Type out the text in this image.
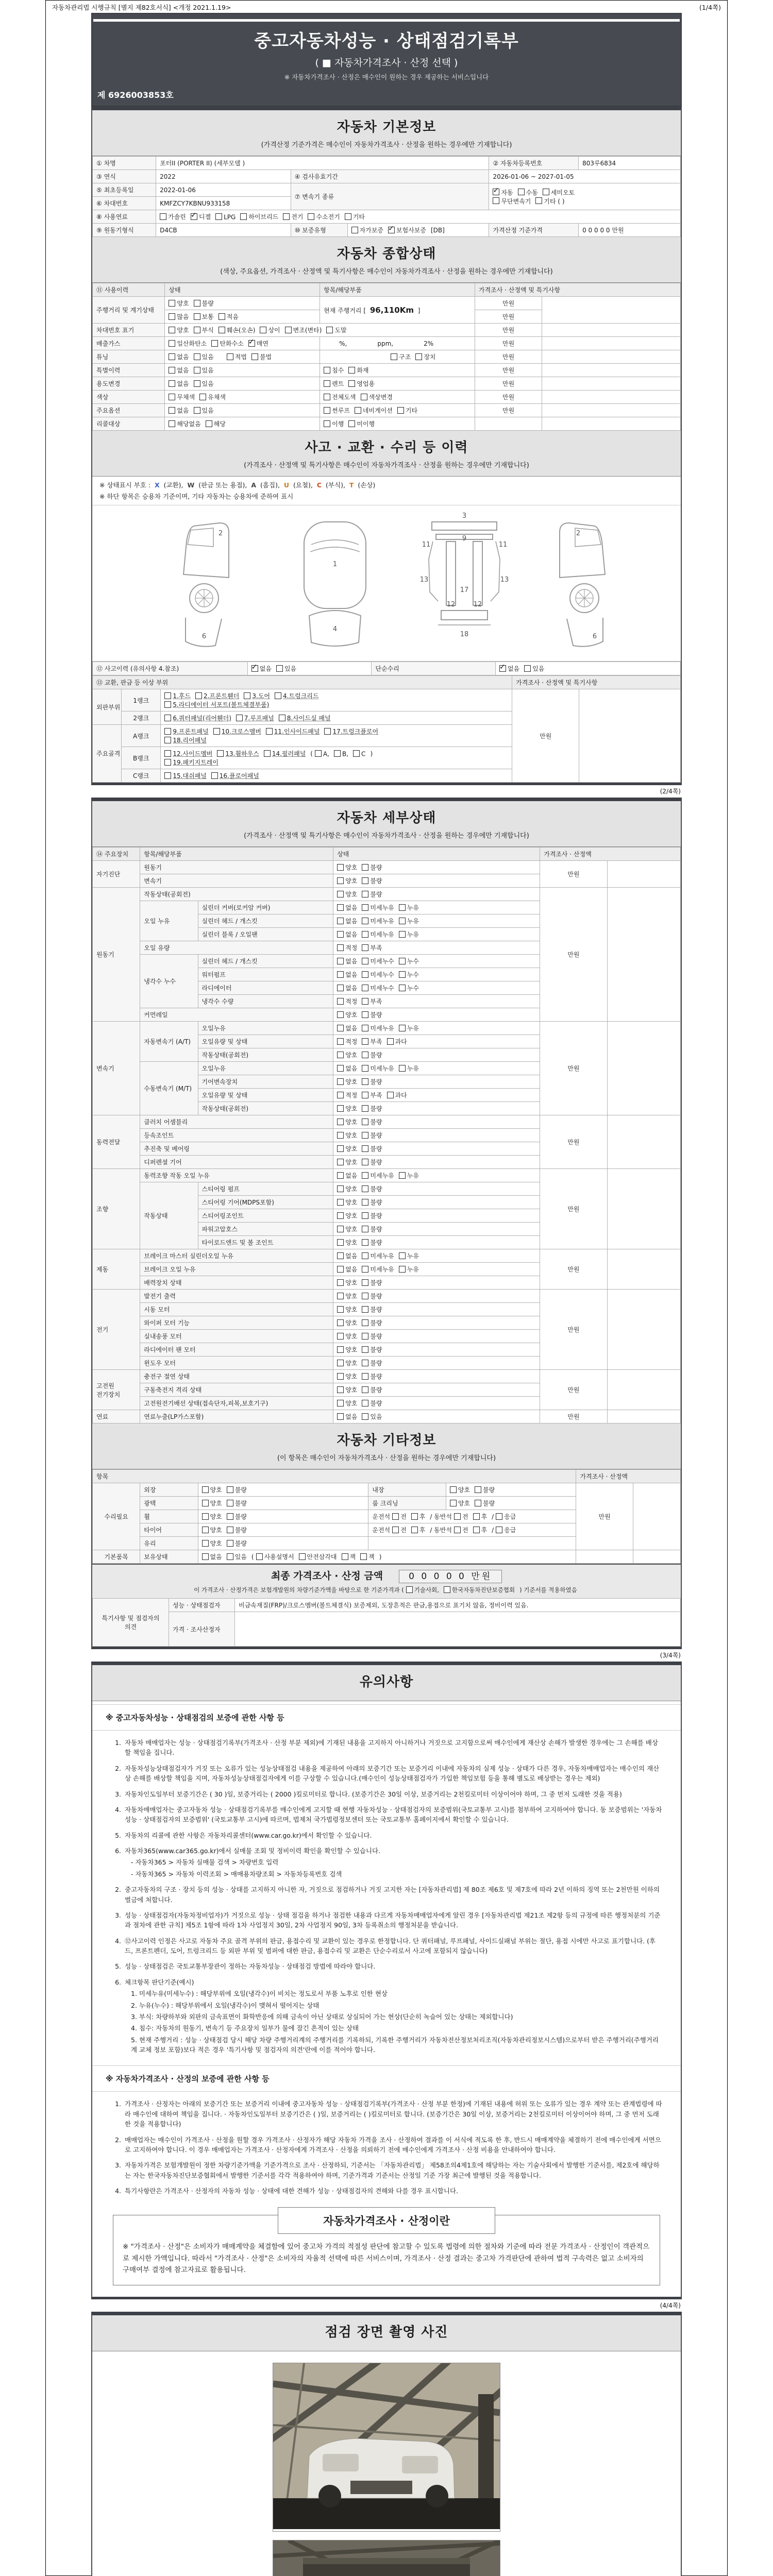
자동차관리법 시행규칙 [별지 제82호서식] <개정 2021.1.19>	(1/4쪽)
중고자동차성능 · 상태점검기록부
( ■ 자동차가격조사 · 산정 선택 )
※ 자동차가격조사 · 산정은 매수인이 원하는 경우 제공하는 서비스입니다
제 6926003853호
자동차 기본정보
(가격산정 기준가격은 매수인이 자동차가격조사 · 산정을 원하는 경우에만 기재합니다)
① 차명	포터II (PORTER II) (세부모델 )			② 자동차등록번호	803루6834
③ 연식	2022	④ 검사유효기간		2026-01-06 ~ 2027-01-05	
⑤ 최초등록일	2022-01-06	⑦ 변속기 종류	
✓자동 수동 세미오토
무단변속기 기타 ( )

⑥ 차대번호	KMFZCY7KBNU933158				
⑧ 사용연료	가솔린 ✓ 디젤 LPG 하이브리드 전기 수소전기 기타
⑨ 원동기형식	D4CB	⑩ 보증유형	자가보증 ✓ 보험사보증 [DB]	가격산정 기준가격	0 0 0 0 0 만원
자동차 종합상태
(색상, 주요옵션, 가격조사 · 산정액 및 특기사항은 매수인이 자동차가격조사 · 산정을 원하는 경우에만 기재합니다)
⑪ 사용이력	상태	항목/해당부품	가격조사 · 산정액 및 특기사항	
주행거리 및 계기상태	양호 불량	현재 주행거리 [ 96,110Km ]	만원	
	많음 보통 적음		만원	
차대번호 표기	양호 부식 훼손(오손) 상이 변조(변타) 도말		만원	
배출가스	일산화탄소 탄화수소 ✓ 매연	%, ppm, 2%	만원	
튜닝	없음 있음 적법 불법	구조 장치	만원	
특별이력	없음 있음	침수 화재	만원	
용도변경	없음 있음	렌트 영업용	만원	
색상	무채색 유채색	전체도색 색상변경	만원	
주요옵션	없음 있음	썬루프 네비게이션 기타	만원	
리콜대상	해당없음 해당	이행 미이행		
사고 · 교환 · 수리 등 이력
(가격조사 · 산정액 및 특기사항은 매수인이 자동차가격조사 · 산정을 원하는 경우에만 기재합니다)
※ 상태표시 부호 : X (교환), W (판금 또는 용접), A (흠집), U (요철), C (부식), T (손상)
※ 하단 항목은 승용차 기준이며, 기타 자동차는 승용차에 준하여 표시
2
6
1
4
3
9
11	11
12	12
13	13
17
18
2
6
⑫ 사고이력 (유의사항 4.참조)	✓없음 있음	단순수리	✓없음 있음
⑬ 교환, 판금 등 이상 부위			가격조사 · 산정액 및 특기사항	
외판부위	1랭크	1.후드 2.프론트휀더 3.도어 4.트렁크리드
5.라디에이터 서포트(볼트체결부품)	만원	
	2랭크	6.쿼터패널(리어휀더) 7.루프패널 8.사이드실 패널		

주요골격	A랭크	9.프론트패널 10.크로스멤버 11.인사이드패널 17.트렁크플로어
18.리어패널		

	B랭크	12.사이드멤버 13.휠하우스 14.필러패널 ( A, B, C )
19.패키지트레이		

	C랭크	15.대쉬패널 16.플로어패널		
(2/4쪽)
자동차 세부상태
(가격조사 · 산정액 및 특기사항은 매수인이 자동차가격조사 · 산정을 원하는 경우에만 기재합니다)
⑭ 주요장치	항목/해당부품		상태	가격조사 · 산정액	
자기진단	원동기		양호 불량	만원	
	변속기		양호 불량		
원동기	작동상태(공회전)		양호 불량	만원	
	오일 누유	실린더 커버(로커암 커버)	없음 미세누유 누유		
		실린더 헤드 / 개스킷	없음 미세누유 누유		
		실린더 블록 / 오일팬	없음 미세누유 누유		
	오일 유량		적정 부족		
	냉각수 누수	실린더 헤드 / 개스킷	없음 미세누수 누수		
		워터펌프	없음 미세누수 누수		
		라디에이터	없음 미세누수 누수		
		냉각수 수량	적정 부족		
	커먼레일		양호 불량		
변속기	자동변속기 (A/T)	오일누유	없음 미세누유 누유	만원	
		오일유량 및 상태	적정 부족 과다		
		작동상태(공회전)	양호 불량		
	수동변속기 (M/T)	오일누유	없음 미세누유 누유		
		기어변속장치	양호 불량		
		오일유량 및 상태	적정 부족 과다		
		작동상태(공회전)	양호 불량		
동력전달	클러치 어셈블리		양호 불량	만원	
	등속조인트		양호 불량		
	추진축 및 베어링		양호 불량		
	디퍼렌셜 기어		양호 불량		
조향	동력조향 작동 오일 누유		없음 미세누유 누유	만원	
	작동상태	스티어링 펌프	양호 불량		
		스티어링 기어(MDPS포함)	양호 불량		
		스티어링조인트	양호 불량		
		파워고압호스	양호 불량		
		타이로드엔드 및 볼 조인트	양호 불량		
제동	브레이크 마스터 실린더오일 누유		없음 미세누유 누유	만원	
	브레이크 오일 누유		없음 미세누유 누유		
	배력장치 상태		양호 불량		
전기	발전기 출력		양호 불량	만원	
	시동 모터		양호 불량		
	와이퍼 모터 기능		양호 불량		
	실내송풍 모터		양호 불량		
	라디에이터 팬 모터		양호 불량		
	윈도우 모터		양호 불량		
고전원 전기장치	충전구 절연 상태		양호 불량	만원	
	구동축전지 격리 상태		양호 불량		
	고전원전기배선 상태(접속단자,피복,보호기구)		양호 불량		
연료	연료누출(LP가스포함)		없음 있음	만원	
자동차 기타정보
(이 항목은 매수인이 자동차가격조사 · 산정을 원하는 경우에만 기재합니다)
항목					가격조사 · 산정액	
수리필요	외장	양호 불량	내장	양호 불량	만원	
	광택	양호 불량	룸 크리닝	양호 불량		
	휠	양호 불량	운전석 전 후 / 동반석 전 후 / 응급			
	타이어	양호 불량	운전석 전 후 / 동반석 전 후 / 응급			
	유리	양호 불량				
기본품목	보유상태	없음 있음 ( 사용설명서 안전삼각대 잭 잭 )				
최종 가격조사 · 산정 금액	0 0 0 0 0 만원
이 가격조사 · 산정가격은 보험개발원의 차량기준가액을 바탕으로 한 기준가격과 ( 기술사회, 한국자동차진단보증협회 ) 기준서를 적용하였음
특기사항 및 점검자의 의견	성능 · 상태점검자	비금속재질(FRP)/크로스멤버(볼트체결식) 보증제외, 도장흔적은 판금,용접으로 표기치 않음, 정비이력 있음.
	가격 · 조사산정자	
(3/4쪽)
유의사항
※ 중고자동차성능 · 상태점검의 보증에 관한 사항 등
1. 자동차 매매업자는 성능 · 상태점검기록부(가격조사 · 산정 부분 제외)에 기재된 내용을 고지하지 아니하거나 거짓으로 고지함으로써 매수인에게 재산상 손해가 발생한 경우에는 그 손해를 배상할 책임을 집니다.
2. 자동차성능상태점검자가 거짓 또는 오류가 있는 성능상태점검 내용을 제공하여 아래의 보증기간 또는 보증거리 이내에 자동차의 실제 성능 · 상태가 다른 경우, 자동차매매업자는 매수인의 재산상 손해를 배상할 책임을 지며, 자동차성능상태점검자에게 이를 구상할 수 있습니다.(매수인이 성능상태점검자가 가입한 책임보험 등을 통해 별도로 배상받는 경우는 제외)
3. 자동차인도일부터 보증기간은 ( 30 )일, 보증거리는 ( 2000 )킬로미터로 합니다. (보증기간은 30일 이상, 보증거리는 2천킬로미터 이상이어야 하며, 그 중 먼저 도래한 것을 적용)
4. 자동차매매업자는 중고자동차 성능 · 상태점검기록부를 매수인에게 고지할 때 현행 자동차성능 · 상태점검자의 보증범위(국토교통부 고시)를 첨부하여 고지하여야 합니다. 동 보증범위는 '자동차성능 · 상태점검자의 보증범위' (국토교통부 고시)에 따르며, 법제처 국가법령정보센터 또는 국토교통부 홈페이지에서 확인할 수 있습니다.
5. 자동차의 리콜에 관한 사항은 자동차리콜센터(www.car.go.kr)에서 확인할 수 있습니다.
6. 자동차365(www.car365.go.kr)에서 실매물 조회 및 정비이력 확인을 확인할 수 있습니다.
- 자동차365 > 자동차 실매물 검색 > 차량번호 입력
- 자동차365 > 자동차 이력조회 > 매매용차량조회 > 자동차등록번호 검색
2. 중고자동차의 구조 · 장치 등의 성능 · 상태를 고지하지 아니한 자, 거짓으로 점검하거나 거짓 고지한 자는 [자동차관리법] 제 80조 제6호 및 제7호에 따라 2년 이하의 징역 또는 2천만원 이하의 벌금에 처합니다.
3. 성능 · 상태점검자(자동차정비업자)가 거짓으로 성능 · 상태 점검을 하거나 점검한 내용과 다르게 자동차매매업자에게 알린 경우 [자동차관리법 제21조 제2항 등의 규정에 따른 행정처분의 기준과 절차에 관한 규칙] 제5조 1항에 따라 1차 사업정지 30일, 2차 사업정지 90일, 3차 등록취소의 행정처분을 받습니다.
4. ⑫사고이력 인정은 사고로 자동차 주요 골격 부위의 판금, 용접수리 및 교환이 있는 경우로 한정합니다. 단 쿼터패널, 루프패널, 사이드실패널 부위는 절단, 용접 시에만 사고로 표기합니다. (후드, 프론트펜더, 도어, 트렁크리드 등 외판 부위 및 범퍼에 대한 판금, 용접수리 및 교환은 단순수리로서 사고에 포함되지 않습니다)
5. 성능 · 상태점검은 국토교통부장관이 정하는 자동차성능 · 상태점검 방법에 따라야 합니다.
6. 체크항목 판단기준(예시)
1. 미세누유(미세누수) : 해당부위에 오일(냉각수)이 비치는 정도로서 부품 노후로 인한 현상
2. 누유(누수) : 해당부위에서 오일(냉각수)이 맺혀서 떨어지는 상태
3. 부식: 차량하부와 외판의 금속표면이 화학반응에 의해 금속이 아닌 상태로 상실되어 가는 현상(단순히 녹슬어 있는 상태는 제외합니다)
4. 침수: 자동차의 원동기, 변속기 등 주요장치 일부가 물에 잠긴 흔적이 있는 상태
5. 현재 주행거리 : 성능 · 상태점검 당시 해당 차량 주행거리계의 주행거리를 기록하되, 기록한 주행거리가 자동차전산정보처리조직(자동차관리정보시스템)으로부터 받은 주행거리(주행거리계 교체 정보 포함)보다 적은 경우 '특기사항 및 점검자의 의견'란에 이를 적어야 합니다.
※ 자동차가격조사 · 산정의 보증에 관한 사항 등
1. 가격조사 · 산정자는 아래의 보증기간 또는 보증거리 이내에 중고자동차 성능 · 상태점검기록부(가격조사 · 산정 부분 한정)에 기재된 내용에 허위 또는 오류가 있는 경우 계약 또는 관계법령에 따라 매수인에 대하여 책임을 집니다. · 자동차인도일부터 보증기간은 ( )일, 보증거리는 ( )킬로미터로 합니다. (보증기간은 30일 이상, 보증거리는 2천킬로미터 이상이어야 하며, 그 중 먼저 도래한 것을 적용합니다)
2. 매매업자는 매수인이 가격조사 · 산정을 원할 경우 가격조사 · 산정자가 해당 자동차 가격을 조사 · 산정하여 결과를 이 서식에 적도록 한 후, 반드시 매매계약을 체결하기 전에 매수인에게 서면으로 고지하여야 합니다. 이 경우 매매업자는 가격조사 · 산정자에게 가격조사 · 산정을 의뢰하기 전에 매수인에게 가격조사 · 산정 비용을 안내하여야 합니다.
3. 자동차가격은 보험개발원이 정한 차량기준가액을 기준가격으로 조사 · 산정하되, 기준서는 「자동차관리법」 제58조의4제1호에 해당하는 자는 기술사회에서 발행한 기준서를, 제2호에 해당하는 자는 한국자동차진단보증협회에서 발행한 기준서를 각각 적용하여야 하며, 기준가격과 기준서는 산정일 기준 가장 최근에 발행된 것을 적용합니다.
4. 특기사항란은 가격조사 · 산정자의 자동차 성능 · 상태에 대한 견해가 성능 · 상태점검자의 견해와 다를 경우 표시합니다.
자동차가격조사 · 산정이란
※ "가격조사 · 산정"은 소비자가 매매계약을 체결함에 있어 중고차 가격의 적절성 판단에 참고할 수 있도록 법령에 의한 절차와 기준에 따라 전문 가격조사 · 산정인이 객관적으로 제시한 가액입니다. 따라서 "가격조사 · 산정"은 소비자의 자율적 선택에 따른 서비스이며, 가격조사 · 산정 결과는 중고차 가격판단에 관하여 법적 구속력은 없고 소비자의 구매여부 결정에 참고자료로 활용됩니다.
(4/4쪽)
점검 장면 촬영 사진
